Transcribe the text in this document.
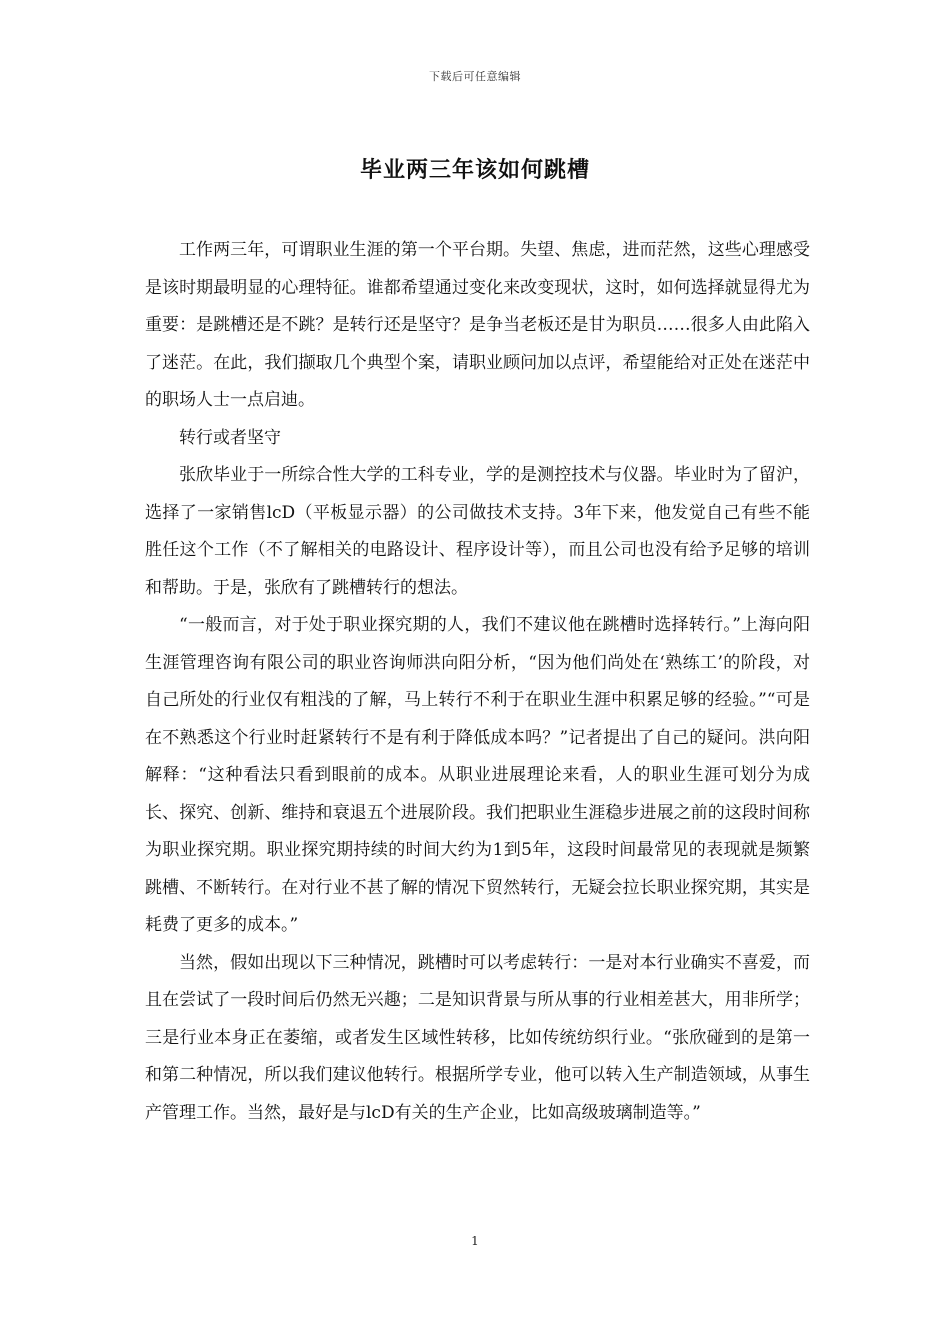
下载后可任意编辑
毕业两三年该如何跳槽

工作两三年，可谓职业生涯的第一个平台期。失望、焦虑，进而茫然，这些心理感受是该时期最明显的心理特征。谁都希望通过变化来改变现状，这时，如何选择就显得尤为重要：是跳槽还是不跳？是转行还是坚守？是争当老板还是甘为职员……很多人由此陷入了迷茫。在此，我们撷取几个典型个案，请职业顾问加以点评，希望能给对正处在迷茫中的职场人士一点启迪。

转行或者坚守

张欣毕业于一所综合性大学的工科专业，学的是测控技术与仪器。毕业时为了留沪，选择了一家销售lcD（平板显示器）的公司做技术支持。3年下来，他发觉自己有些不能胜任这个工作（不了解相关的电路设计、程序设计等），而且公司也没有给予足够的培训和帮助。于是，张欣有了跳槽转行的想法。

“一般而言，对于处于职业探究期的人，我们不建议他在跳槽时选择转行。”上海向阳生涯管理咨询有限公司的职业咨询师洪向阳分析，“因为他们尚处在‘熟练工’的阶段，对自己所处的行业仅有粗浅的了解，马上转行不利于在职业生涯中积累足够的经验。”“可是在不熟悉这个行业时赶紧转行不是有利于降低成本吗？”记者提出了自己的疑问。洪向阳解释：“这种看法只看到眼前的成本。从职业进展理论来看，人的职业生涯可划分为成长、探究、创新、维持和衰退五个进展阶段。我们把职业生涯稳步进展之前的这段时间称为职业探究期。职业探究期持续的时间大约为1到5年，这段时间最常见的表现就是频繁跳槽、不断转行。在对行业不甚了解的情况下贸然转行，无疑会拉长职业探究期，其实是耗费了更多的成本。”

当然，假如出现以下三种情况，跳槽时可以考虑转行：一是对本行业确实不喜爱，而且在尝试了一段时间后仍然无兴趣；二是知识背景与所从事的行业相差甚大，用非所学；三是行业本身正在萎缩，或者发生区域性转移，比如传统纺织行业。“张欣碰到的是第一和第二种情况，所以我们建议他转行。根据所学专业，他可以转入生产制造领域，从事生产管理工作。当然，最好是与lcD有关的生产企业，比如高级玻璃制造等。”

1
